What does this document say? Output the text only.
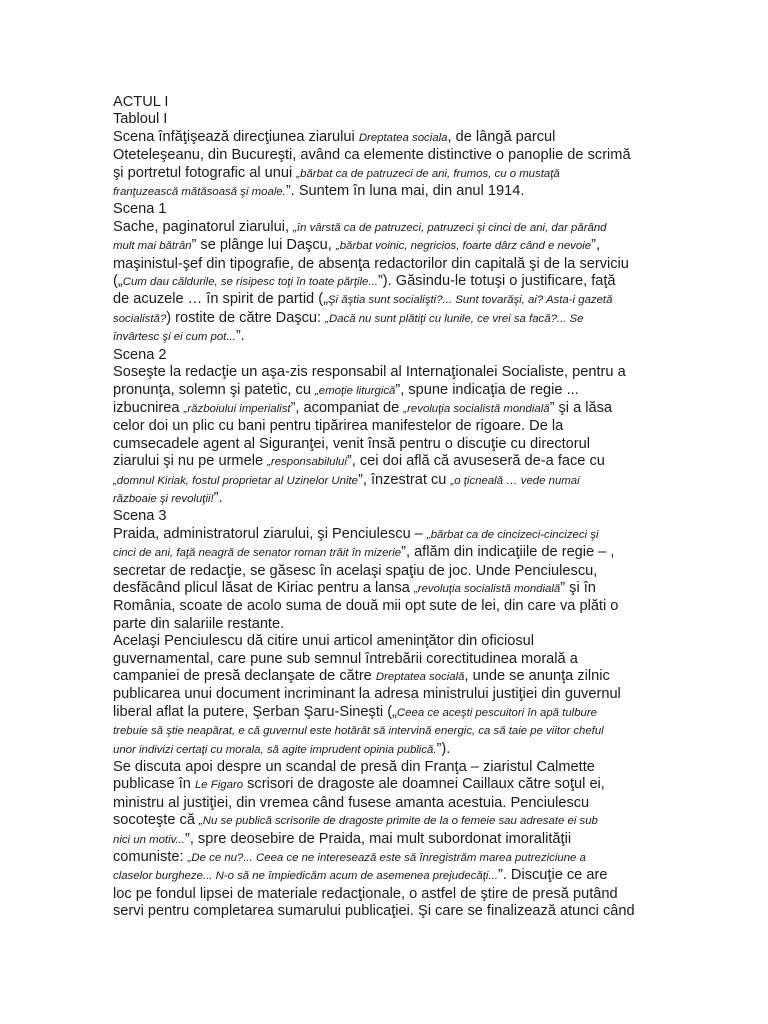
ACTUL I
Tabloul I
Scena înfăţişează direcţiunea ziarului Dreptatea sociala, de lângă parcul
Oteteleşeanu, din Bucureşti, având ca elemente distinctive o panoplie de scrimă
şi portretul fotografic al unui „bărbat ca de patruzeci de ani, frumos, cu o mustaţă
franţuzească mătăsoasă şi moale.”. Suntem în luna mai, din anul 1914.
Scena 1
Sache, paginatorul ziarului, „în vârstă ca de patruzeci, patruzeci şi cinci de ani, dar părând
mult mai bătrân” se plânge lui Daşcu, „bărbat voinic, negricios, foarte dârz când e nevoie”,
maşinistul-şef din tipografie, de absenţa redactorilor din capitală şi de la serviciu
(„Cum dau căldurile, se risipesc toţi în toate părţile...”). Găsindu-le totuşi o justificare, faţă
de acuzele … în spirit de partid („Şi ăştia sunt socialişti?... Sunt tovarăşi, ai? Asta-i gazetă
socialistă?) rostite de către Daşcu: „Dacă nu sunt plătiţi cu lunile, ce vrei sa facă?... Se
învârtesc şi ei cum pot...”.
Scena 2
Soseşte la redacţie un aşa-zis responsabil al Internaţionalei Socialiste, pentru a
pronunţa, solemn şi patetic, cu „emoţie liturgică”, spune indicaţia de regie ...
izbucnirea „războiului imperialist”, acompaniat de „revoluţia socialistă mondială” şi a lăsa
celor doi un plic cu bani pentru tipărirea manifestelor de rigoare. De la
cumsecadele agent al Siguranţei, venit însă pentru o discuţie cu directorul
ziarului şi nu pe urmele „responsabilului”, cei doi află că avuseseră de-a face cu
„domnul Kiriak, fostul proprietar al Uzinelor Unite”, înzestrat cu „o ţicneală … vede numai
războaie şi revoluţii!”.
Scena 3
Praida, administratorul ziarului, şi Penciulescu – „bărbat ca de cincizeci-cincizeci şi
cinci de ani, faţă neagră de senator roman trăit în mizerie”, aflăm din indicaţiile de regie – ,
secretar de redacţie, se găsesc în acelaşi spaţiu de joc. Unde Penciulescu,
desfăcând plicul lăsat de Kiriac pentru a lansa „revoluţia socialistă mondială” şi în
România, scoate de acolo suma de două mii opt sute de lei, din care va plăti o
parte din salariile restante.
Acelaşi Penciulescu dă citire unui articol ameninţător din oficiosul
guvernamental, care pune sub semnul întrebării corectitudinea morală a
campaniei de presă declanşate de către Dreptatea socială, unde se anunţa zilnic
publicarea unui document incriminant la adresa ministrului justiţiei din guvernul
liberal aflat la putere, Şerban Şaru-Sineşti („Ceea ce aceşti pescuitori în apă tulbure
trebuie să ştie neapărat, e că guvernul este hotărât să intervină energic, ca să taie pe viitor cheful
unor indivizi certaţi cu morala, să agite imprudent opinia publică.”).
Se discuta apoi despre un scandal de presă din Franţa – ziaristul Calmette
publicase în Le Figaro scrisori de dragoste ale doamnei Caillaux către soţul ei,
ministru al justiţiei, din vremea când fusese amanta acestuia. Penciulescu
socoteşte că „Nu se publică scrisorile de dragoste primite de la o femeie sau adresate ei sub
nici un motiv...”, spre deosebire de Praida, mai mult subordonat imoralităţii
comuniste: „De ce nu?... Ceea ce ne interesează este să înregistrăm marea putreziciune a
claselor burgheze... N-o să ne împiedicăm acum de asemenea prejudecăţi...”. Discuţie ce are
loc pe fondul lipsei de materiale redacţionale, o astfel de ştire de presă putând
servi pentru completarea sumarului publicaţiei. Şi care se finalizează atunci când
